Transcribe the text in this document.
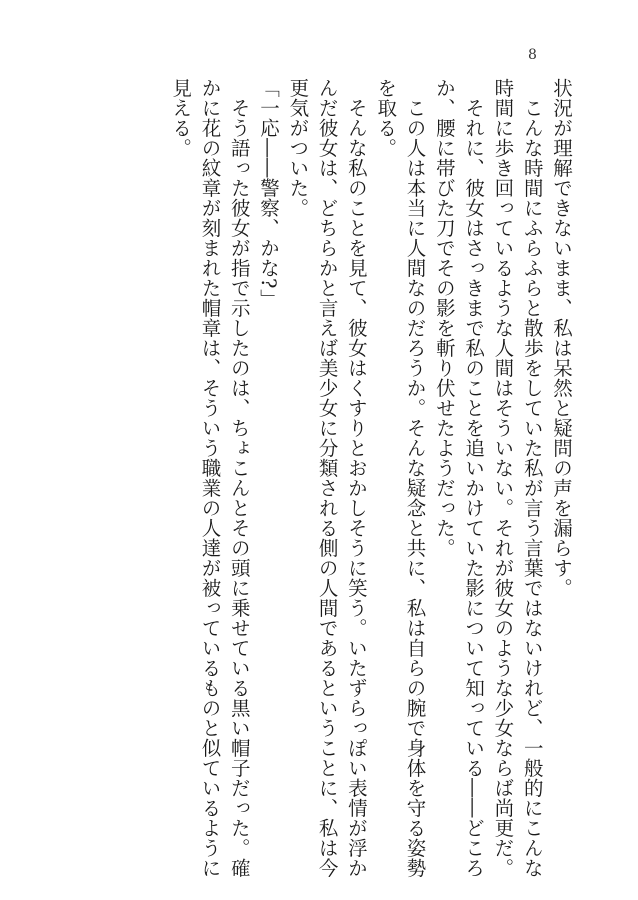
8

状況が理解できないまま、私は呆然と疑問の声を漏らす。

こんな時間にふらふらと散歩をしていた私が言う言葉ではないけれど、一般的にこんな時間に歩き回っているような人間はそういない。それが彼女のような少女ならば尚更だ。

それに、彼女はさっきまで私のことを追いかけていた影について知っている――どころか、腰に帯びた刀でその影を斬り伏せたようだった。

この人は本当に人間なのだろうか。そんな疑念と共に、私は自らの腕で身体を守る姿勢を取る。

そんな私のことを見て、彼女はくすりとおかしそうに笑う。いたずらっぽい表情が浮かんだ彼女は、どちらかと言えば美少女に分類される側の人間であるということに、私は今更気がついた。

「一応――警察、かな?」

そう語った彼女が指で示したのは、ちょこんとその頭に乗せている黒い帽子だった。確かに花の紋章が刻まれた帽章は、そういう職業の人達が被っているものと似ているように見える。
